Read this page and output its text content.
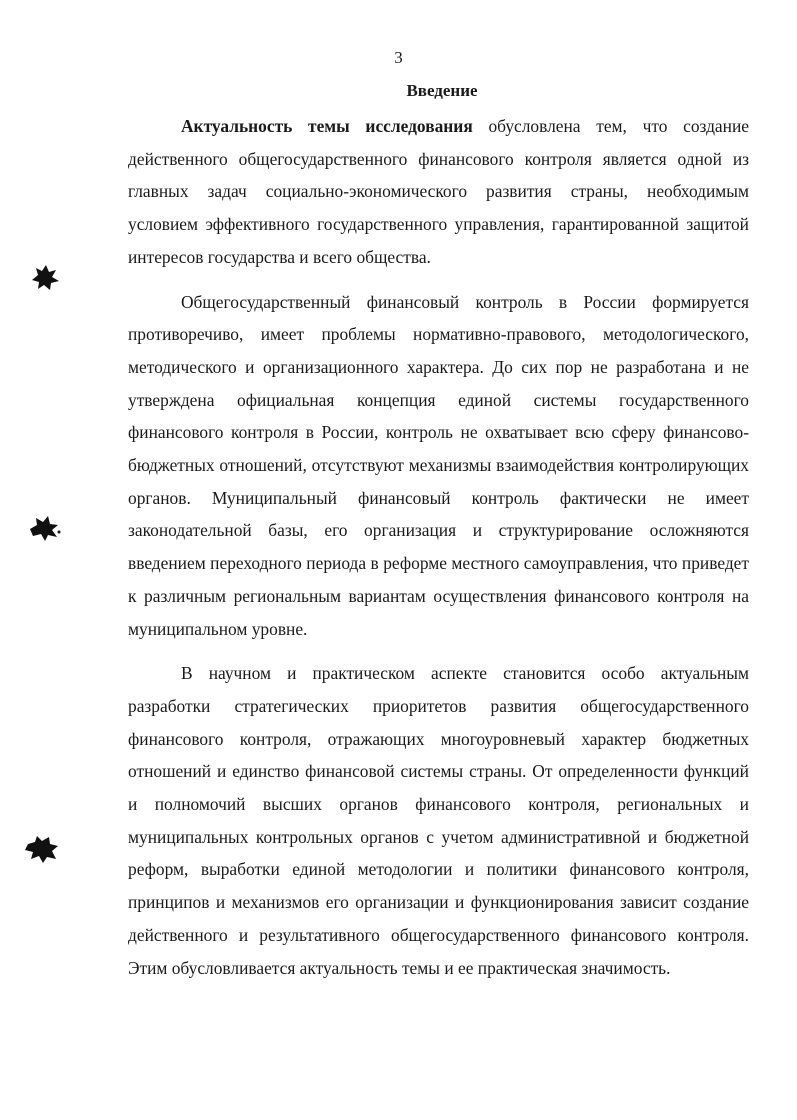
3
Введение

Актуальность темы исследования обусловлена тем, что создание действенного общегосударственного финансового контроля является одной из главных задач социально-экономического развития страны, необходимым условием эффективного государственного управления, гарантированной защитой интересов государства и всего общества.

Общегосударственный финансовый контроль в России формируется противоречиво, имеет проблемы нормативно-правового, методологического, методического и организационного характера. До сих пор не разработана и не утверждена официальная концепция единой системы государственного финансового контроля в России, контроль не охватывает всю сферу финансово-бюджетных отношений, отсутствуют механизмы взаимодействия контролирующих органов. Муниципальный финансовый контроль фактически не имеет законодательной базы, его организация и структурирование осложняются введением переходного периода в реформе местного самоуправления, что приведет к различным региональным вариантам осуществления финансового контроля на муниципальном уровне.

В научном и практическом аспекте становится особо актуальным разработки стратегических приоритетов развития общегосударственного финансового контроля, отражающих многоуровневый характер бюджетных отношений и единство финансовой системы страны. От определенности функций и полномочий высших органов финансового контроля, региональных и муниципальных контрольных органов с учетом административной и бюджетной реформ, выработки единой методологии и политики финансового контроля, принципов и механизмов его организации и функционирования зависит создание действенного и результативного общегосударственного финансового контроля. Этим обусловливается актуальность темы и ее практическая значимость.
